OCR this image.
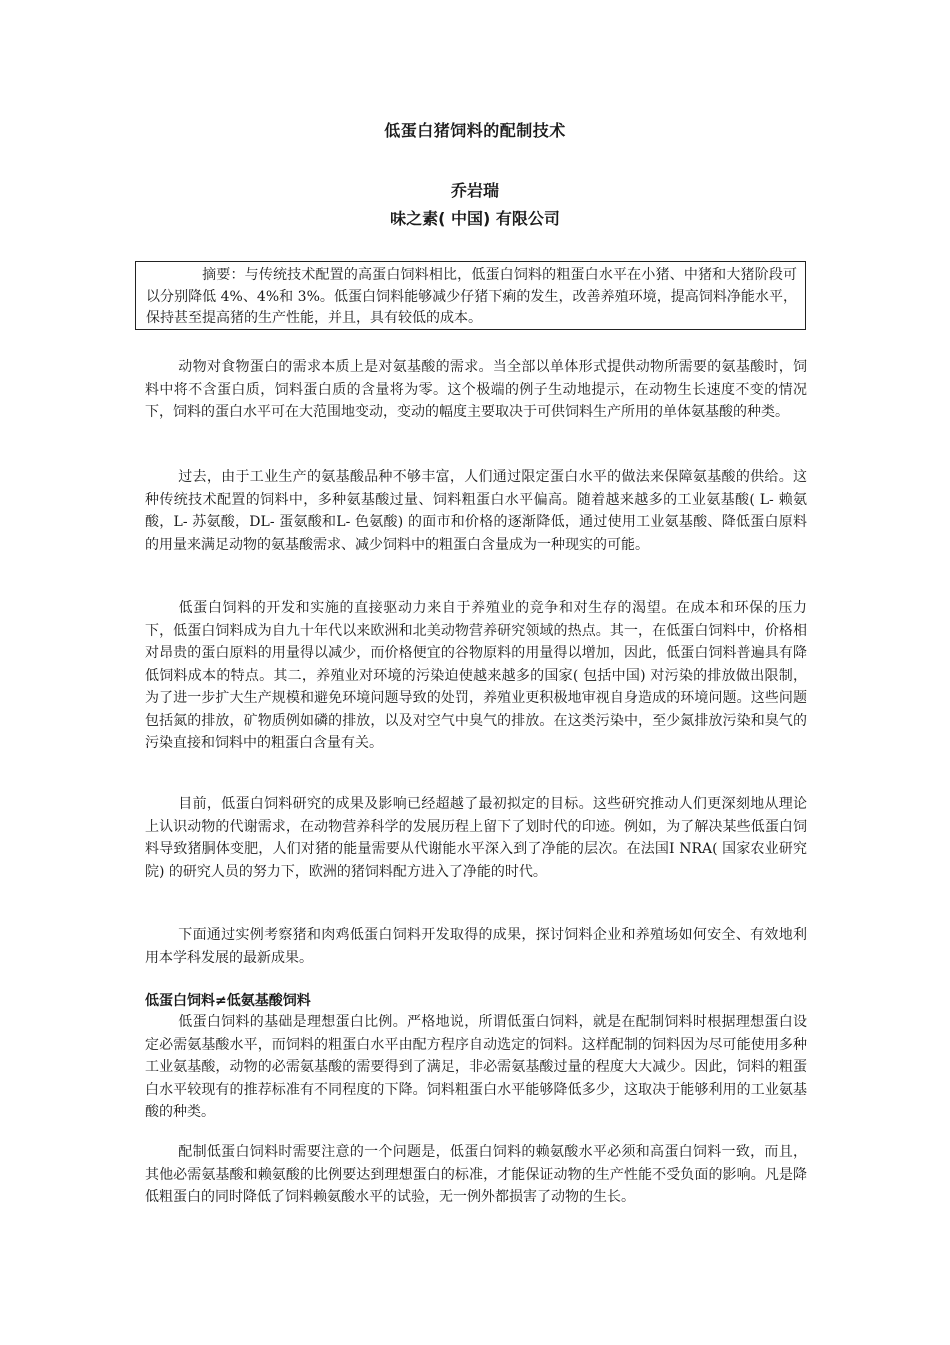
低蛋白猪饲料的配制技术
乔岩瑞
味之素( 中国) 有限公司
摘要：与传统技术配置的高蛋白饲料相比，低蛋白饲料的粗蛋白水平在小猪、中猪和大猪阶段可以分别降低 4%、4%和 3%。低蛋白饲料能够减少仔猪下痢的发生，改善养殖环境，提高饲料净能水平，保持甚至提高猪的生产性能，并且，具有较低的成本。
动物对食物蛋白的需求本质上是对氨基酸的需求。当全部以单体形式提供动物所需要的氨基酸时，饲料中将不含蛋白质，饲料蛋白质的含量将为零。这个极端的例子生动地提示，在动物生长速度不变的情况下，饲料的蛋白水平可在大范围地变动，变动的幅度主要取决于可供饲料生产所用的单体氨基酸的种类。
过去，由于工业生产的氨基酸品种不够丰富，人们通过限定蛋白水平的做法来保障氨基酸的供给。这种传统技术配置的饲料中，多种氨基酸过量、饲料粗蛋白水平偏高。随着越来越多的工业氨基酸( L- 赖氨酸，L- 苏氨酸，DL- 蛋氨酸和L- 色氨酸) 的面市和价格的逐渐降低，通过使用工业氨基酸、降低蛋白原料的用量来满足动物的氨基酸需求、减少饲料中的粗蛋白含量成为一种现实的可能。
低蛋白饲料的开发和实施的直接驱动力来自于养殖业的竞争和对生存的渴望。在成本和环保的压力下，低蛋白饲料成为自九十年代以来欧洲和北美动物营养研究领域的热点。其一，在低蛋白饲料中，价格相对昂贵的蛋白原料的用量得以减少，而价格便宜的谷物原料的用量得以增加，因此，低蛋白饲料普遍具有降低饲料成本的特点。其二，养殖业对环境的污染迫使越来越多的国家( 包括中国) 对污染的排放做出限制，为了进一步扩大生产规模和避免环境问题导致的处罚，养殖业更积极地审视自身造成的环境问题。这些问题包括氮的排放，矿物质例如磷的排放，以及对空气中臭气的排放。在这类污染中，至少氮排放污染和臭气的污染直接和饲料中的粗蛋白含量有关。
目前，低蛋白饲料研究的成果及影响已经超越了最初拟定的目标。这些研究推动人们更深刻地从理论上认识动物的代谢需求，在动物营养科学的发展历程上留下了划时代的印迹。例如，为了解决某些低蛋白饲料导致猪胴体变肥，人们对猪的能量需要从代谢能水平深入到了净能的层次。在法国I NRA( 国家农业研究院) 的研究人员的努力下，欧洲的猪饲料配方进入了净能的时代。
下面通过实例考察猪和肉鸡低蛋白饲料开发取得的成果，探讨饲料企业和养殖场如何安全、有效地利用本学科发展的最新成果。
低蛋白饲料≠低氨基酸饲料
低蛋白饲料的基础是理想蛋白比例。严格地说，所谓低蛋白饲料，就是在配制饲料时根据理想蛋白设定必需氨基酸水平，而饲料的粗蛋白水平由配方程序自动选定的饲料。这样配制的饲料因为尽可能使用多种工业氨基酸，动物的必需氨基酸的需要得到了满足，非必需氨基酸过量的程度大大减少。因此，饲料的粗蛋白水平较现有的推荐标准有不同程度的下降。饲料粗蛋白水平能够降低多少，这取决于能够利用的工业氨基酸的种类。
配制低蛋白饲料时需要注意的一个问题是，低蛋白饲料的赖氨酸水平必须和高蛋白饲料一致，而且，其他必需氨基酸和赖氨酸的比例要达到理想蛋白的标准，才能保证动物的生产性能不受负面的影响。凡是降低粗蛋白的同时降低了饲料赖氨酸水平的试验，无一例外都损害了动物的生长。
